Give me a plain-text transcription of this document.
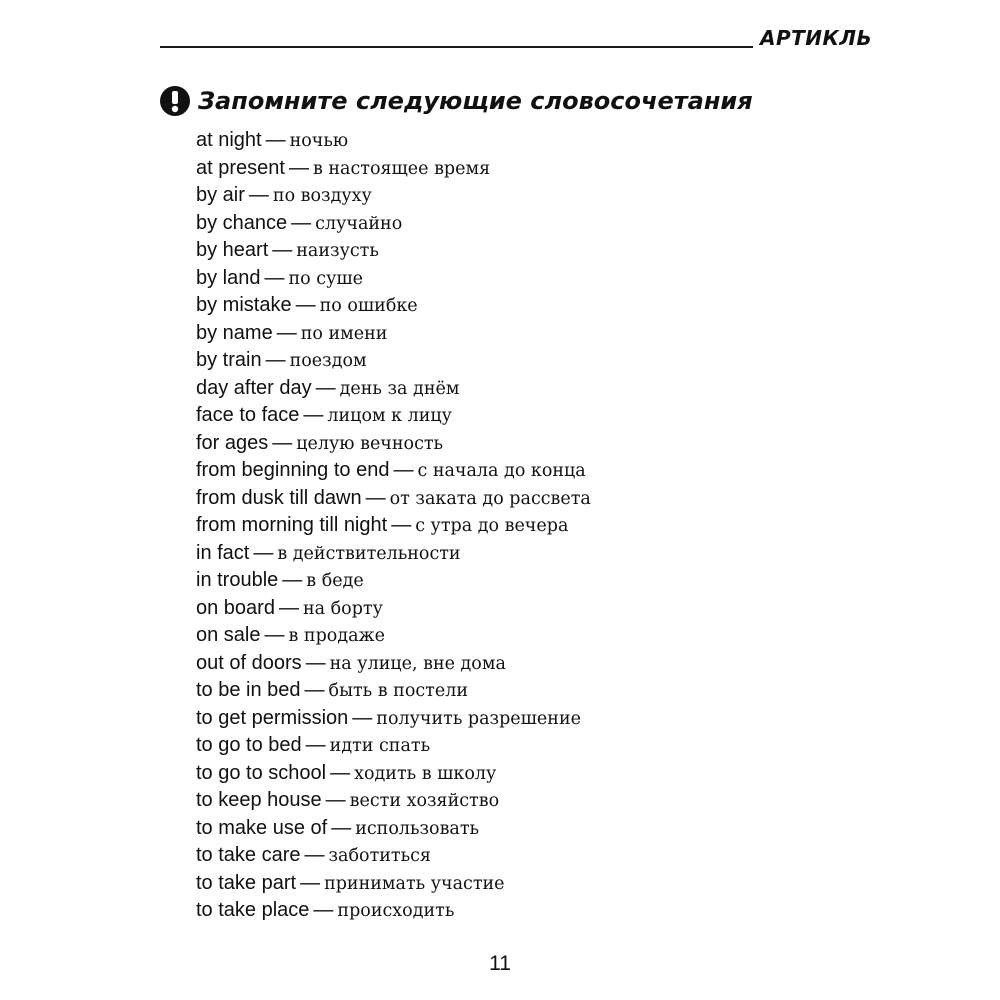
АРТИКЛЬ
Запомните следующие словосочетания
at night — ночью
at present — в настоящее время
by air — по воздуху
by chance — случайно
by heart — наизусть
by land — по суше
by mistake — по ошибке
by name — по имени
by train — поездом
day after day — день за днём
face to face — лицом к лицу
for ages — целую вечность
from beginning to end — с начала до конца
from dusk till dawn — от заката до рассвета
from morning till night — с утра до вечера
in fact — в действительности
in trouble — в беде
on board — на борту
on sale — в продаже
out of doors — на улице, вне дома
to be in bed — быть в постели
to get permission — получить разрешение
to go to bed — идти спать
to go to school — ходить в школу
to keep house — вести хозяйство
to make use of — использовать
to take care — заботиться
to take part — принимать участие
to take place — происходить
11
